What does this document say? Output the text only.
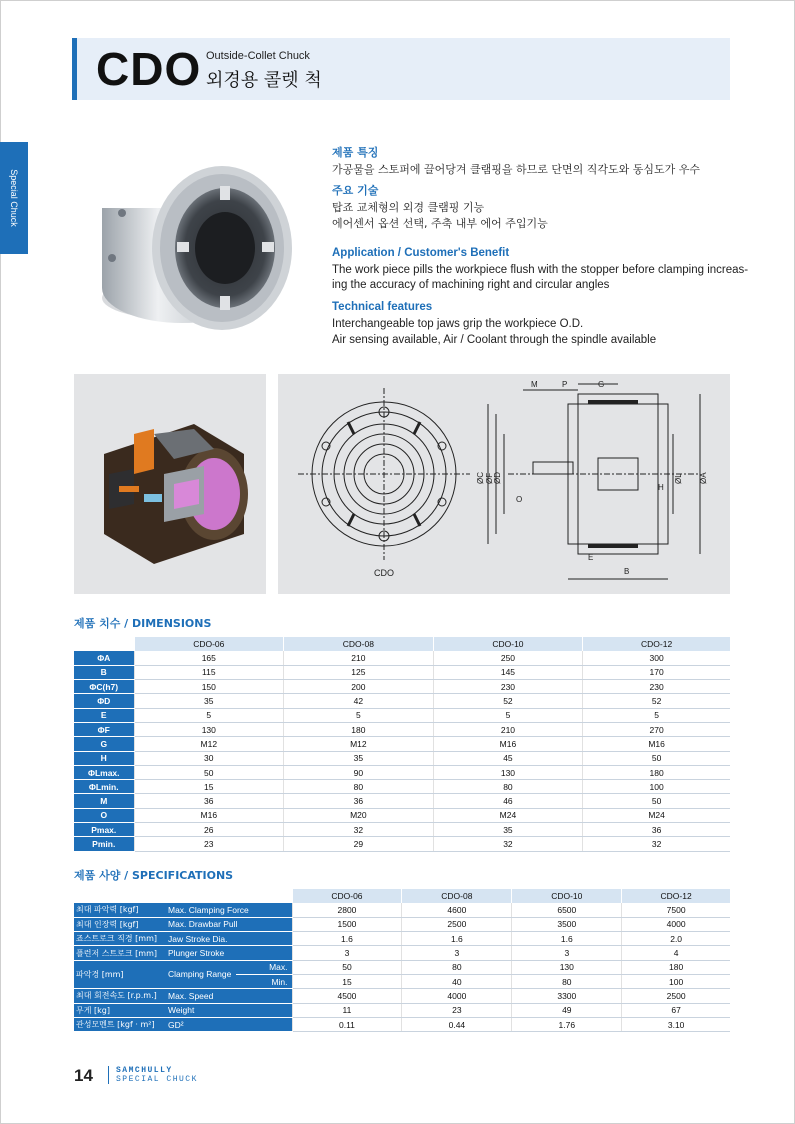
CDO Outside-Collet Chuck
외경용 콜렛 척
Special Chuck
제품 특징
가공물을 스토퍼에 끌어당겨 클램핑을 하므로 단면의 직각도와 동심도가 우수
주요 기술
탑죠 교체형의 외경 클램핑 기능
에어센서 옵션 선택, 주축 내부 에어 주입기능
Application / Customer's Benefit
The work piece pills the workpiece flush with the stopper before clamping increas-
ing the accuracy of machining right and circular angles
Technical features
Interchangeable top jaws grip the workpiece O.D.
Air sensing available, Air / Coolant through the spindle available
CDO
M	P	G
ØC ØF ØD
O
H
ØL ØA
E
B
제품 치수 / DIMENSIONS
	CDO-06	CDO-08	CDO-10	CDO-12
ΦA	165	210	250	300
B	115	125	145	170
ΦC(h7)	150	200	230	230
ΦD	35	42	52	52
E	5	5	5	5
ΦF	130	180	210	270
G	M12	M12	M16	M16
H	30	35	45	50
ΦLmax.	50	90	130	180
ΦLmin.	15	80	80	100
M	36	36	46	50
O	M16	M20	M24	M24
Pmax.	26	32	35	36
Pmin.	23	29	32	32
제품 사양 / SPECIFICATIONS
			CDO-06	CDO-08	CDO-10	CDO-12
최대 파악력 [kgf]	Max. Clamping Force		2800	4600	6500	7500
최대 인장력 [kgf]	Max. Drawbar Pull		1500	2500	3500	4000
죠스트로크 직경 [mm]	Jaw Stroke Dia.		1.6	1.6	1.6	2.0
플런저 스트로크 [mm]	Plunger Stroke		3	3	3	4
파악경 [mm]	Clamping Range	Max.	50	80	130	180
		Min.	15	40	80	100
최대 회전속도 [r.p.m.]	Max. Speed		4500	4000	3300	2500
무게 [kg]	Weight		11	23	49	67
관성모멘트 [kgf · m²]	GD²		0.11	0.44	1.76	3.10
14	SAMCHULLY
SPECIAL CHUCK
